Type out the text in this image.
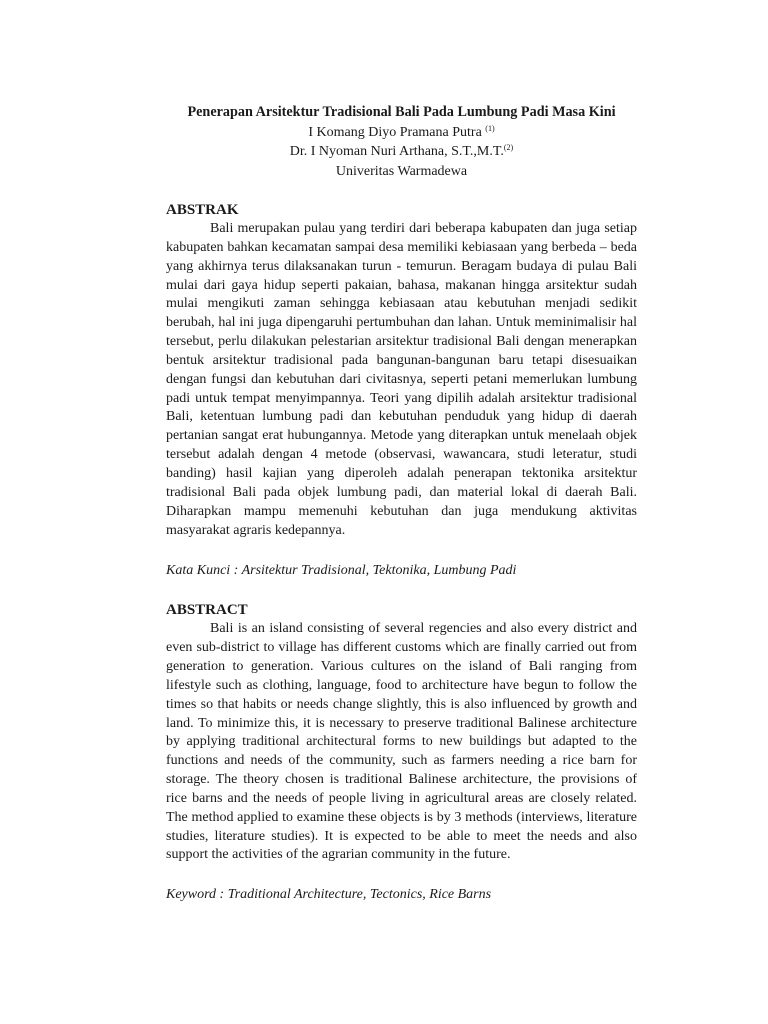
Penerapan Arsitektur Tradisional Bali Pada Lumbung Padi Masa Kini
I Komang Diyo Pramana Putra $^{(1)}$
Dr. I Nyoman Nuri Arthana, S.T.,M.T.$^{(2)}$
Univeritas Warmadewa
ABSTRAK

Bali merupakan pulau yang terdiri dari beberapa kabupaten dan juga setiap kabupaten bahkan kecamatan sampai desa memiliki kebiasaan yang berbeda – beda yang akhirnya terus dilaksanakan turun - temurun. Beragam budaya di pulau Bali mulai dari gaya hidup seperti pakaian, bahasa, makanan hingga arsitektur sudah mulai mengikuti zaman sehingga kebiasaan atau kebutuhan menjadi sedikit berubah, hal ini juga dipengaruhi pertumbuhan dan lahan. Untuk meminimalisir hal tersebut, perlu dilakukan pelestarian arsitektur tradisional Bali dengan menerapkan bentuk arsitektur tradisional pada bangunan-bangunan baru tetapi disesuaikan dengan fungsi dan kebutuhan dari civitasnya, seperti petani memerlukan lumbung padi untuk tempat menyimpannya. Teori yang dipilih adalah arsitektur tradisional Bali, ketentuan lumbung padi dan kebutuhan penduduk yang hidup di daerah pertanian sangat erat hubungannya. Metode yang diterapkan untuk menelaah objek tersebut adalah dengan 4 metode (observasi, wawancara, studi leteratur, studi banding) hasil kajian yang diperoleh adalah penerapan tektonika arsitektur tradisional Bali pada objek lumbung padi, dan material lokal di daerah Bali. Diharapkan mampu memenuhi kebutuhan dan juga mendukung aktivitas masyarakat agraris kedepannya.

Kata Kunci : Arsitektur Tradisional, Tektonika, Lumbung Padi

ABSTRACT

Bali is an island consisting of several regencies and also every district and even sub-district to village has different customs which are finally carried out from generation to generation. Various cultures on the island of Bali ranging from lifestyle such as clothing, language, food to architecture have begun to follow the times so that habits or needs change slightly, this is also influenced by growth and land. To minimize this, it is necessary to preserve traditional Balinese architecture by applying traditional architectural forms to new buildings but adapted to the functions and needs of the community, such as farmers needing a rice barn for storage. The theory chosen is traditional Balinese architecture, the provisions of rice barns and the needs of people living in agricultural areas are closely related. The method applied to examine these objects is by 3 methods (interviews, literature studies, literature studies). It is expected to be able to meet the needs and also support the activities of the agrarian community in the future.

Keyword : Traditional Architecture, Tectonics, Rice Barns
